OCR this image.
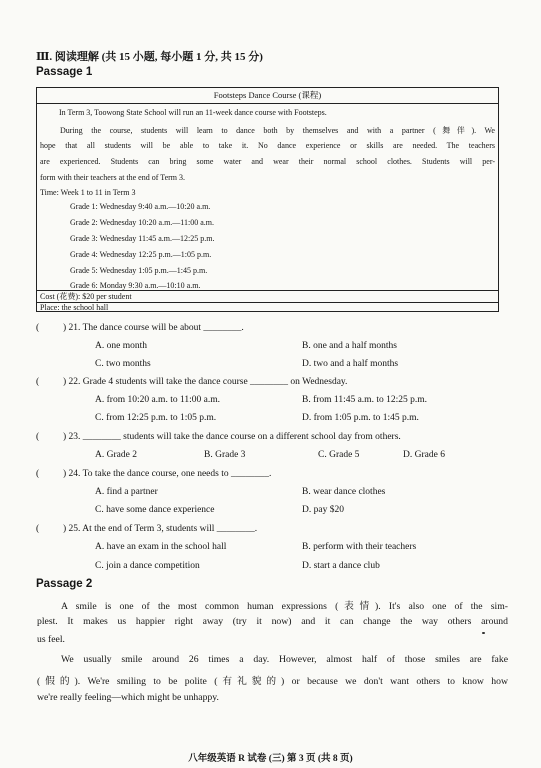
Ⅲ. 阅读理解 (共 15 小题, 每小题 1 分, 共 15 分)
Passage 1
Footsteps Dance Course (课程)
In Term 3, Toowong State School will run an 11-week dance course with Footsteps.
During the course, students will learn to dance both by themselves and with a partner (舞伴). We
hope that all students will be able to take it. No dance experience or skills are needed. The teachers
are experienced. Students can bring some water and wear their normal school clothes. Students will per-
form with their teachers at the end of Term 3.
Time: Week 1 to 11 in Term 3
Grade 1: Wednesday 9:40 a.m.—10:20 a.m.
Grade 2: Wednesday 10:20 a.m.—11:00 a.m.
Grade 3: Wednesday 11:45 a.m.—12:25 p.m.
Grade 4: Wednesday 12:25 p.m.—1:05 p.m.
Grade 5: Wednesday 1:05 p.m.—1:45 p.m.
Grade 6: Monday 9:30 a.m.—10:10 a.m.
Cost (花费): $20 per student
Place: the school hall
(	) 21. The dance course will be about ________.
A. one month	B. one and a half months
C. two months	D. two and a half months
(	) 22. Grade 4 students will take the dance course ________ on Wednesday.
A. from 10:20 a.m. to 11:00 a.m.	B. from 11:45 a.m. to 12:25 p.m.
C. from 12:25 p.m. to 1:05 p.m.	D. from 1:05 p.m. to 1:45 p.m.
(	) 23. ________ students will take the dance course on a different school day from others.
A. Grade 2	B. Grade 3	C. Grade 5	D. Grade 6
(	) 24. To take the dance course, one needs to ________.
A. find a partner	B. wear dance clothes
C. have some dance experience	D. pay $20
(	) 25. At the end of Term 3, students will ________.
A. have an exam in the school hall	B. perform with their teachers
C. join a dance competition	D. start a dance club
Passage 2
A smile is one of the most common human expressions (表情). It's also one of the sim-
plest. It makes us happier right away (try it now) and it can change the way others around
us feel.
We usually smile around 26 times a day. However, almost half of those smiles are fake
(假的). We're smiling to be polite (有礼貌的) or because we don't want others to know how
we're really feeling—which might be unhappy.
八年级英语 R 试卷 (三) 第 3 页 (共 8 页)
